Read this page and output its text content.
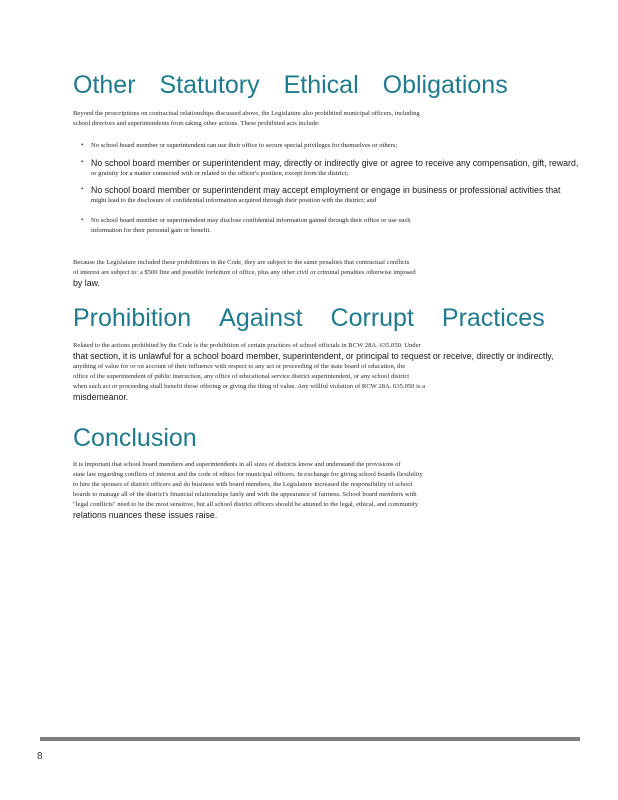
Other Statutory Ethical Obligations
Beyond the proscriptions on contractual relationships discussed above, the Legislature also prohibited municipal officers, including
school directors and superintendents from taking other actions. These prohibited acts include:
• No school board member or superintendent can use their office to secure special privileges for themselves or others;
• No school board member or superintendent may, directly or indirectly give or agree to receive any compensation, gift, reward,
or gratuity for a matter connected with or related to the officer's position, except from the district;
• No school board member or superintendent may accept employment or engage in business or professional activities that
might lead to the disclosure of confidential information acquired through their position with the district; and
• No school board member or superintendent may disclose confidential information gained through their office or use such
information for their personal gain or benefit.
Because the Legislature included these prohibitions in the Code, they are subject to the same penalties that contractual conflicts
of interest are subject to: a $500 fine and possible forfeiture of office, plus any other civil or criminal penalties otherwise imposed
by law.
Prohibition Against Corrupt Practices
Related to the actions prohibited by the Code is the prohibition of certain practices of school officials in RCW 28A. 635.050. Under
that section, it is unlawful for a school board member, superintendent, or principal to request or receive, directly or indirectly,
anything of value for or on account of their influence with respect to any act or proceeding of the state board of education, the
office of the superintendent of public instruction, any office of educational service district superintendent, or any school district
when such act or proceeding shall benefit those offering or giving the thing of value. Any willful violation of RCW 28A. 635.050 is a
misdemeanor.
Conclusion
It is important that school board members and superintendents in all sizes of districts know and understand the provisions of
state law regarding conflicts of interest and the code of ethics for municipal officers. In exchange for giving school boards flexibility
to hire the spouses of district officers and do business with board members, the Legislature increased the responsibility of school
boards to manage all of the district's financial relationships fairly and with the appearance of fairness. School board members with
"legal conflicts" need to be the most sensitive, but all school district officers should be attuned to the legal, ethical, and community
relations nuances these issues raise.
8
